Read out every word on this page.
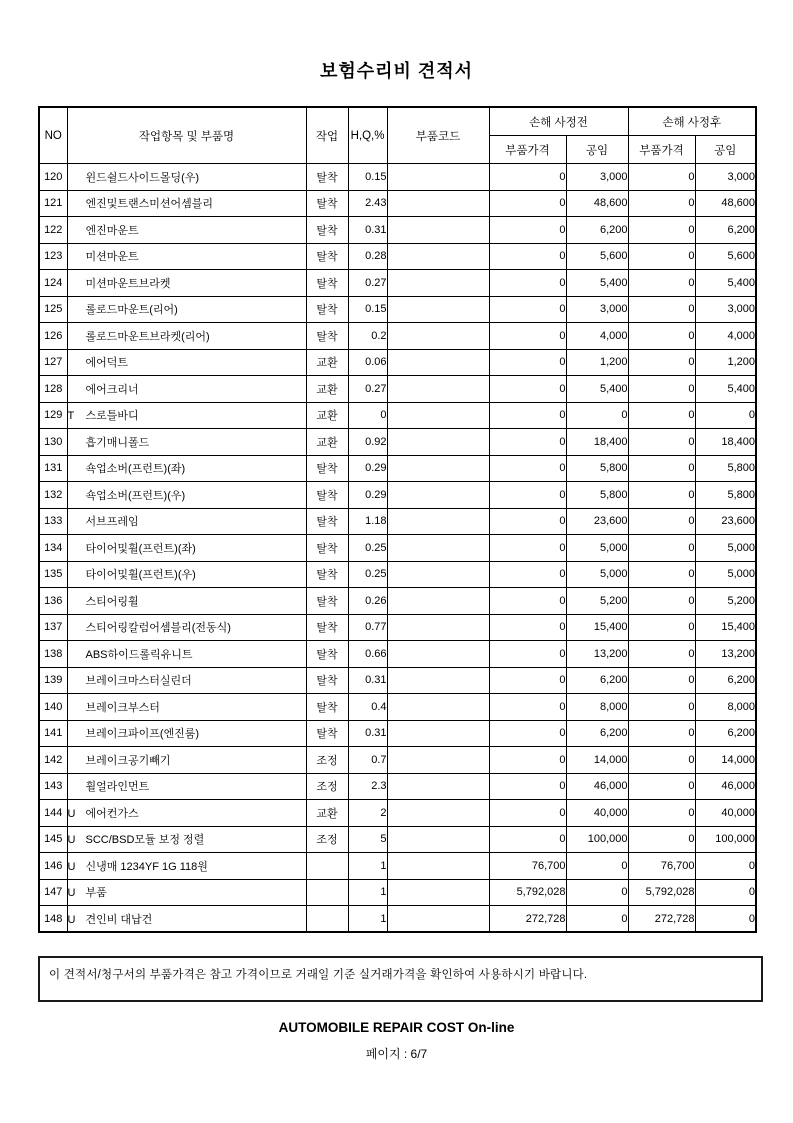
보험수리비 견적서
NO	작업항목 및 부품명	작업	H,Q,%	부품코드	손해 사정전		손해 사정후	
					부품가격	공임	부품가격	공임
120	윈드쉴드사이드몰딩(우)	탈착	0.15		0	3,000	0	3,000
121	엔진및트랜스미션어셈블리	탈착	2.43		0	48,600	0	48,600
122	엔진마운트	탈착	0.31		0	6,200	0	6,200
123	미션마운트	탈착	0.28		0	5,600	0	5,600
124	미션마운트브라켓	탈착	0.27		0	5,400	0	5,400
125	롤로드마운트(리어)	탈착	0.15		0	3,000	0	3,000
126	롤로드마운트브라켓(리어)	탈착	0.2		0	4,000	0	4,000
127	에어덕트	교환	0.06		0	1,200	0	1,200
128	에어크리너	교환	0.27		0	5,400	0	5,400
129	T 스로틀바디	교환	0		0	0	0	0
130	흡기매니폴드	교환	0.92		0	18,400	0	18,400
131	쇽업소버(프런트)(좌)	탈착	0.29		0	5,800	0	5,800
132	쇽업소버(프런트)(우)	탈착	0.29		0	5,800	0	5,800
133	서브프레임	탈착	1.18		0	23,600	0	23,600
134	타이어및휠(프런트)(좌)	탈착	0.25		0	5,000	0	5,000
135	타이어및휠(프런트)(우)	탈착	0.25		0	5,000	0	5,000
136	스티어링휠	탈착	0.26		0	5,200	0	5,200
137	스티어링칼럼어셈블리(전동식)	탈착	0.77		0	15,400	0	15,400
138	ABS하이드롤릭유니트	탈착	0.66		0	13,200	0	13,200
139	브레이크마스터실린더	탈착	0.31		0	6,200	0	6,200
140	브레이크부스터	탈착	0.4		0	8,000	0	8,000
141	브레이크파이프(엔진룸)	탈착	0.31		0	6,200	0	6,200
142	브레이크공기빼기	조정	0.7		0	14,000	0	14,000
143	휠얼라인먼트	조정	2.3		0	46,000	0	46,000
144	U 에어컨가스	교환	2		0	40,000	0	40,000
145	U SCC/BSD모듈 보정 정렬	조정	5		0	100,000	0	100,000
146	U 신냉매 1234YF 1G 118원		1		76,700	0	76,700	0
147	U 부품		1		5,792,028	0	5,792,028	0
148	U 견인비 대납건		1		272,728	0	272,728	0
이 견적서/청구서의 부품가격은 참고 가격이므로 거래일 기준 실거래가격을 확인하여 사용하시기 바랍니다.
AUTOMOBILE REPAIR COST On-line
페이지 : 6/7
